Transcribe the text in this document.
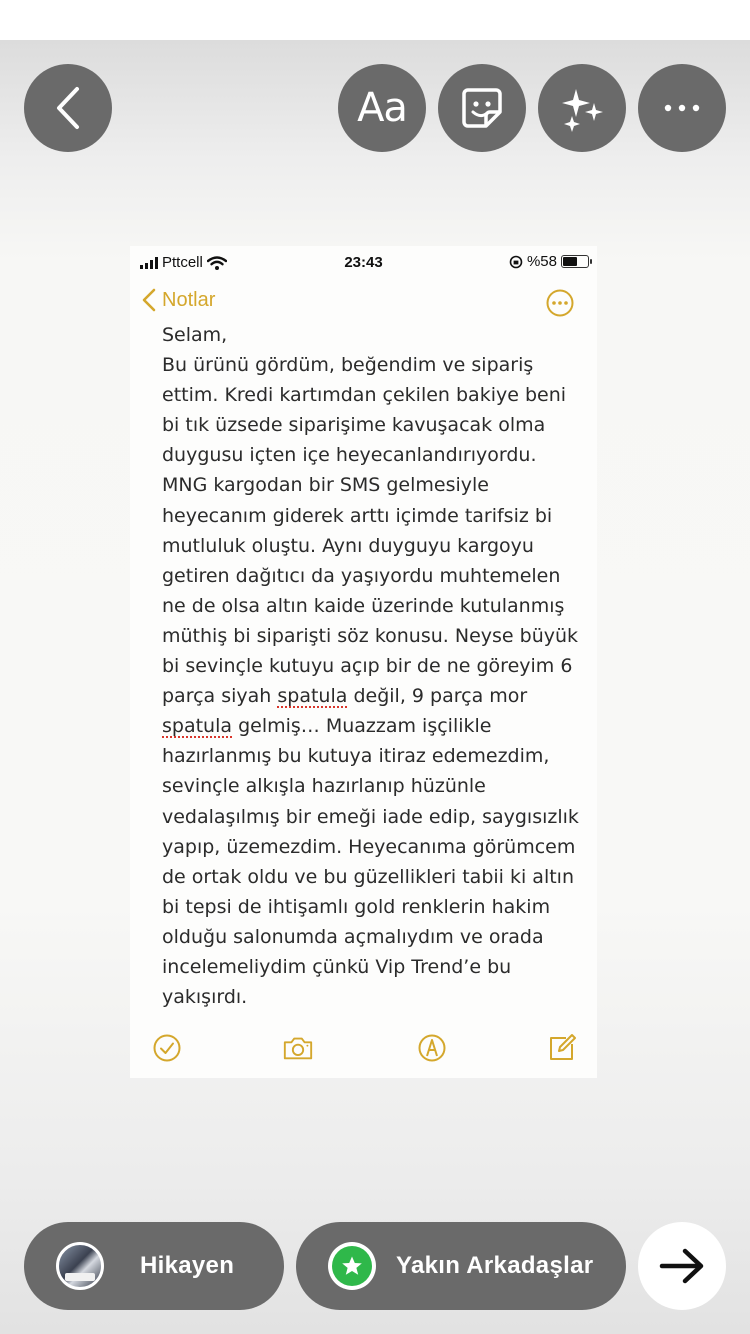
Aa
Pttcell	23:43	%58
Notlar
Selam,
Bu ürünü gördüm, beğendim ve sipariş ettim. Kredi kartımdan çekilen bakiye beni bi tık üzsede siparişime kavuşacak olma duygusu içten içe heyecanlandırıyordu. MNG kargodan bir SMS gelmesiyle heyecanım giderek arttı içimde tarifsiz bi mutluluk oluştu. Aynı duyguyu kargoyu getiren dağıtıcı da yaşıyordu muhtemelen ne de olsa altın kaide üzerinde kutulanmış müthiş bi siparişti söz konusu. Neyse büyük bi sevinçle kutuyu açıp bir de ne göreyim 6 parça siyah spatula değil, 9 parça mor spatula gelmiş… Muazzam işçilikle hazırlanmış bu kutuya itiraz edemezdim, sevinçle alkışla hazırlanıp hüzünle vedalaşılmış bir emeği iade edip, saygısızlık yapıp, üzemezdim. Heyecanıma görümcem de ortak oldu ve bu güzellikleri tabii ki altın bi tepsi de ihtişamlı gold renklerin hakim olduğu salonumda açmalıydım ve orada incelemeliydim çünkü Vip Trend’e bu yakışırdı.
Hikayen	Yakın Arkadaşlar
